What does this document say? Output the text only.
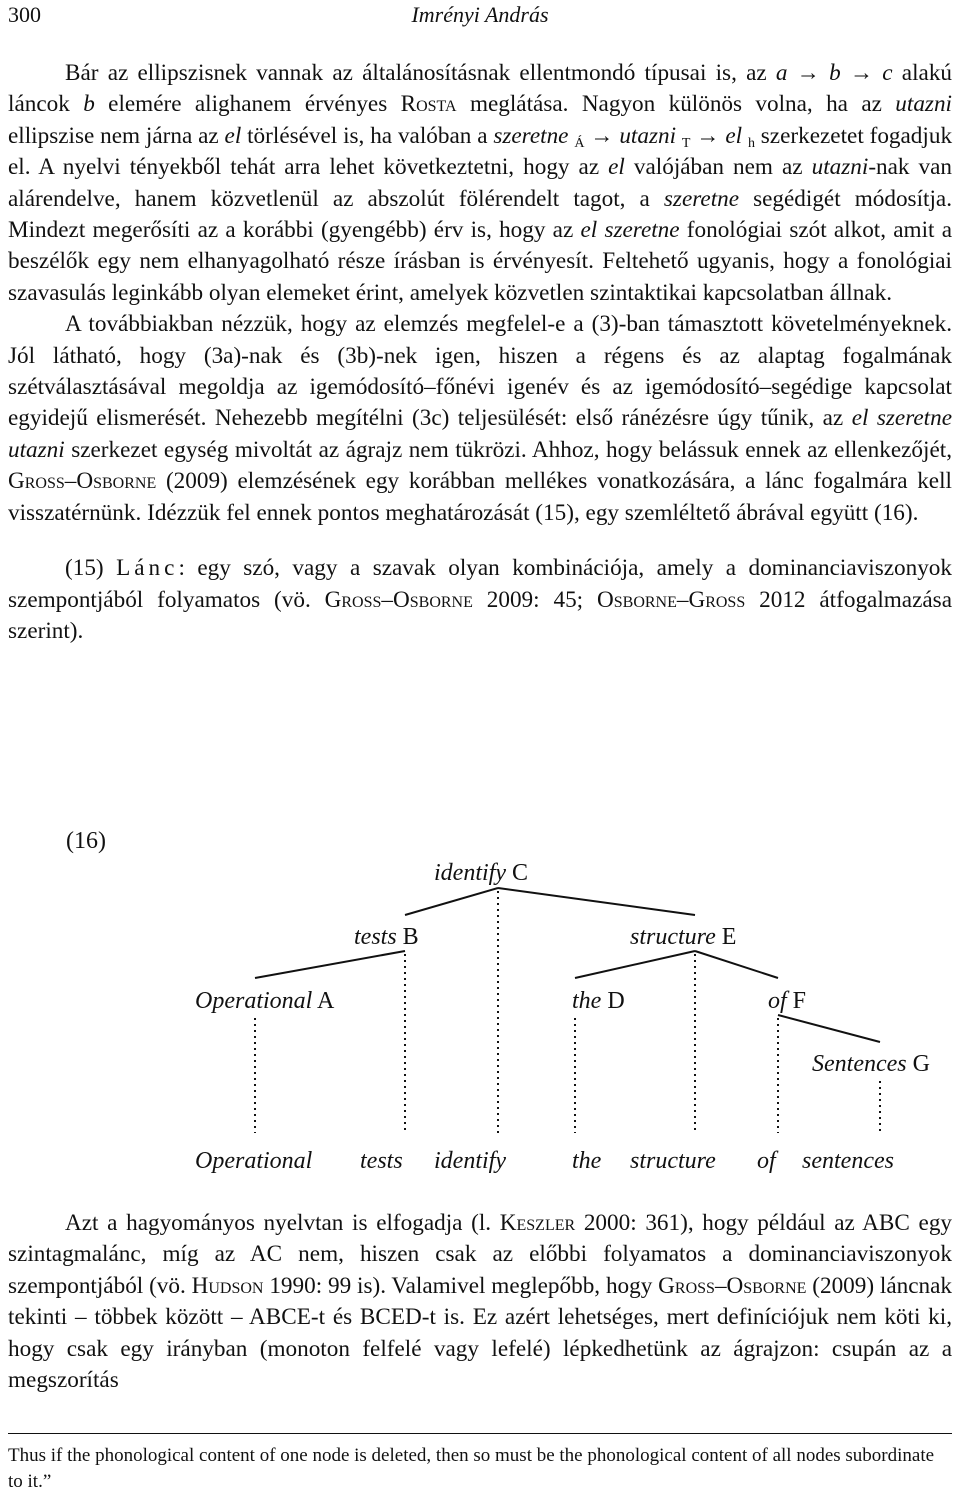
300	Imrényi András

Bár az ellipszisnek vannak az általánosításnak ellentmondó típusai is, az a → b → c alakú láncok b elemére alighanem érvényes Rosta meglátása. Nagyon különös volna, ha az utazni ellipszise nem járna az el törlésével is, ha valóban a szeretne $_Á$ → utazni $_T$ → el $_h$ szerkezetet fogadjuk el. A nyelvi tényekből tehát arra lehet következtetni, hogy az el valójában nem az utazni-nak van alárendelve, hanem közvetlenül az abszolút fölérendelt tagot, a szeretne segédigét módosítja. Mindezt megerősíti az a korábbi (gyengébb) érv is, hogy az el szeretne fonológiai szót alkot, amit a beszélők egy nem elhanyagolható része írásban is érvényesít. Feltehető ugyanis, hogy a fonológiai szavasulás leginkább olyan elemeket érint, amelyek közvetlen szintaktikai kapcsolatban állnak.

A továbbiakban nézzük, hogy az elemzés megfelel-e a (3)-ban támasztott követelményeknek. Jól látható, hogy (3a)-nak és (3b)-nek igen, hiszen a régens és az alaptag fogalmának szétválasztásával megoldja az igemódosító–főnévi igenév és az igemódosító–segédige kapcsolat egyidejű elismerését. Nehezebb megítélni (3c) teljesülését: első ránézésre úgy tűnik, az el szeretne utazni szerkezet egység mivoltát az ágrajz nem tükrözi. Ahhoz, hogy belássuk ennek az ellenkezőjét, Groß–Osborne (2009) elemzésének egy korábban mellékes vonatkozására, a lánc fogalmára kell visszatérnünk. Idézzük fel ennek pontos meghatározását (15), egy szemléltető ábrával együtt (16).

(15) Lánc: egy szó, vagy a szavak olyan kombinációja, amely a dominanciaviszonyok szempontjából folyamatos (vö. Groß–Osborne 2009: 45; Osborne–Groß 2012 átfogalmazása szerint).

(16)
identify C
tests B	structure E
Operational A	the D	of F
Sentences G
Operational tests identify	the structure of sentences

Azt a hagyományos nyelvtan is elfogadja (l. Keszler 2000: 361), hogy például az ABC egy szintagmalánc, míg az AC nem, hiszen csak az előbbi folyamatos a dominanciaviszonyok szempontjából (vö. Hudson 1990: 99 is). Valamivel meglepőbb, hogy Groß–Osborne (2009) láncnak tekinti – többek között – ABCE-t és BCED-t is. Ez azért lehetséges, mert definíciójuk nem köti ki, hogy csak egy irányban (monoton felfelé vagy lefelé) lépkedhetünk az ágrajzon: csupán az a megszorítás

Thus if the phonological content of one node is deleted, then so must be the phonological content of all nodes subordinate to it.”
